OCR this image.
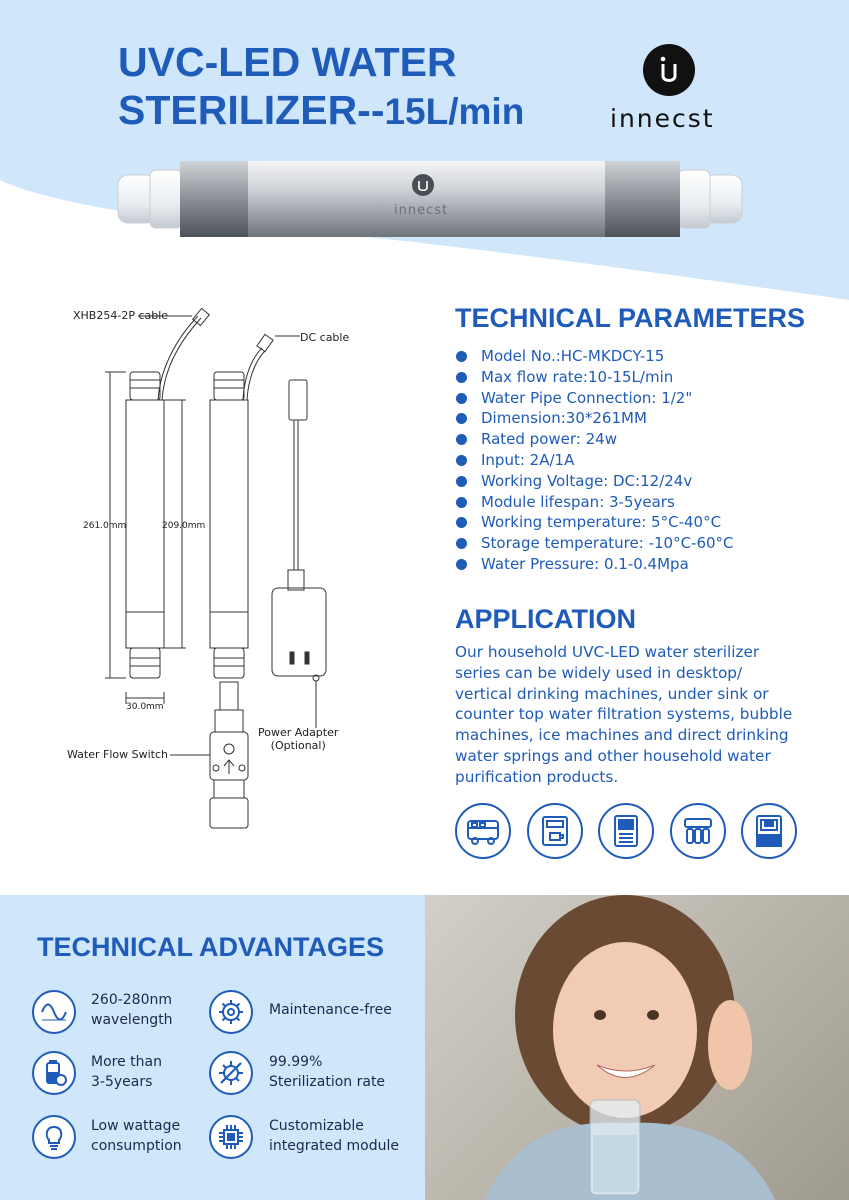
UVC-LED WATER
STERILIZER--15L/min	innecst
innecst
XHB254-2P cable
DC cable
261.0mm	209.0mm
30.0mm
Water Flow Switch
Power Adapter
(Optional)
TECHNICAL PARAMETERS
Model No.:HC-MKDCY-15
Max flow rate:10-15L/min
Water Pipe Connection: 1/2"
Dimension:30*261MM
Rated power: 24w
Input: 2A/1A
Working Voltage: DC:12/24v
Module lifespan: 3-5years
Working temperature: 5°C-40°C
Storage temperature: -10°C-60°C
Water Pressure: 0.1-0.4Mpa
APPLICATION
Our household UVC-LED water sterilizer series can be widely used in desktop/ vertical drinking machines, under sink or counter top water filtration systems, bubble machines, ice machines and direct drinking water springs and other household water purification products.
TECHNICAL ADVANTAGES
260-280nm
wavelength
Maintenance-free
More than
3-5years
99.99%
Sterilization rate
Low wattage
consumption
Customizable
integrated module
